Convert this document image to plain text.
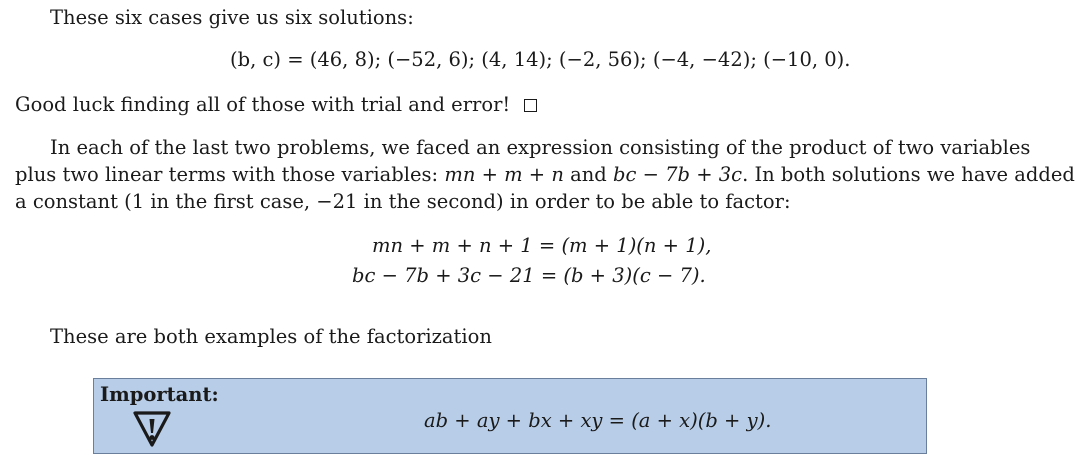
These six cases give us six solutions:
(b, c) = (46, 8); (−52, 6); (4, 14); (−2, 56); (−4, −42); (−10, 0).
Good luck finding all of those with trial and error!
In each of the last two problems, we faced an expression consisting of the product of two variables
plus two linear terms with those variables: mn + m + n and bc − 7b + 3c. In both solutions we have added
a constant (1 in the first case, −21 in the second) in order to be able to factor:
mn + m + n + 1 = (m + 1)(n + 1),
bc − 7b + 3c − 21 = (b + 3)(c − 7).
These are both examples of the factorization
Important:
ab + ay + bx + xy = (a + x)(b + y).
